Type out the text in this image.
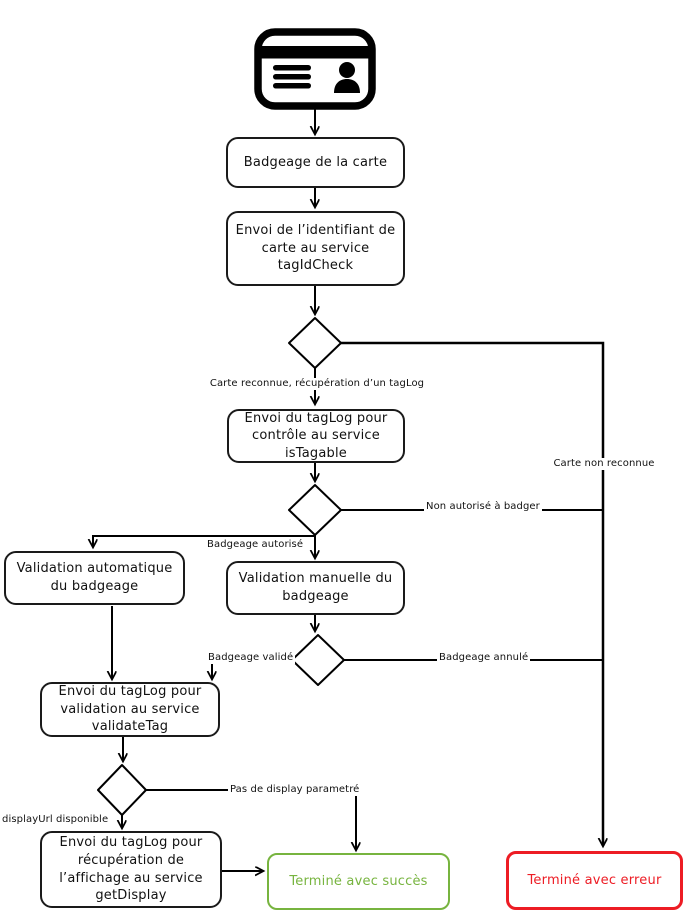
Badgeage de la carte
Envoi de l’identifiant de carte au service tagIdCheck
Envoi du tagLog pour contrôle au service isTagable
Validation automatique du badgeage
Validation manuelle du badgeage
Envoi du tagLog pour validation au service validateTag
Envoi du tagLog pour récupération de l’affichage au service getDisplay
Terminé avec succès	Terminé avec erreur
Carte reconnue, récupération d’un tagLog
Carte non reconnue
Non autorisé à badger
Badgeage autorisé
Badgeage validé	Badgeage annulé
Pas de display parametré
displayUrl disponible
